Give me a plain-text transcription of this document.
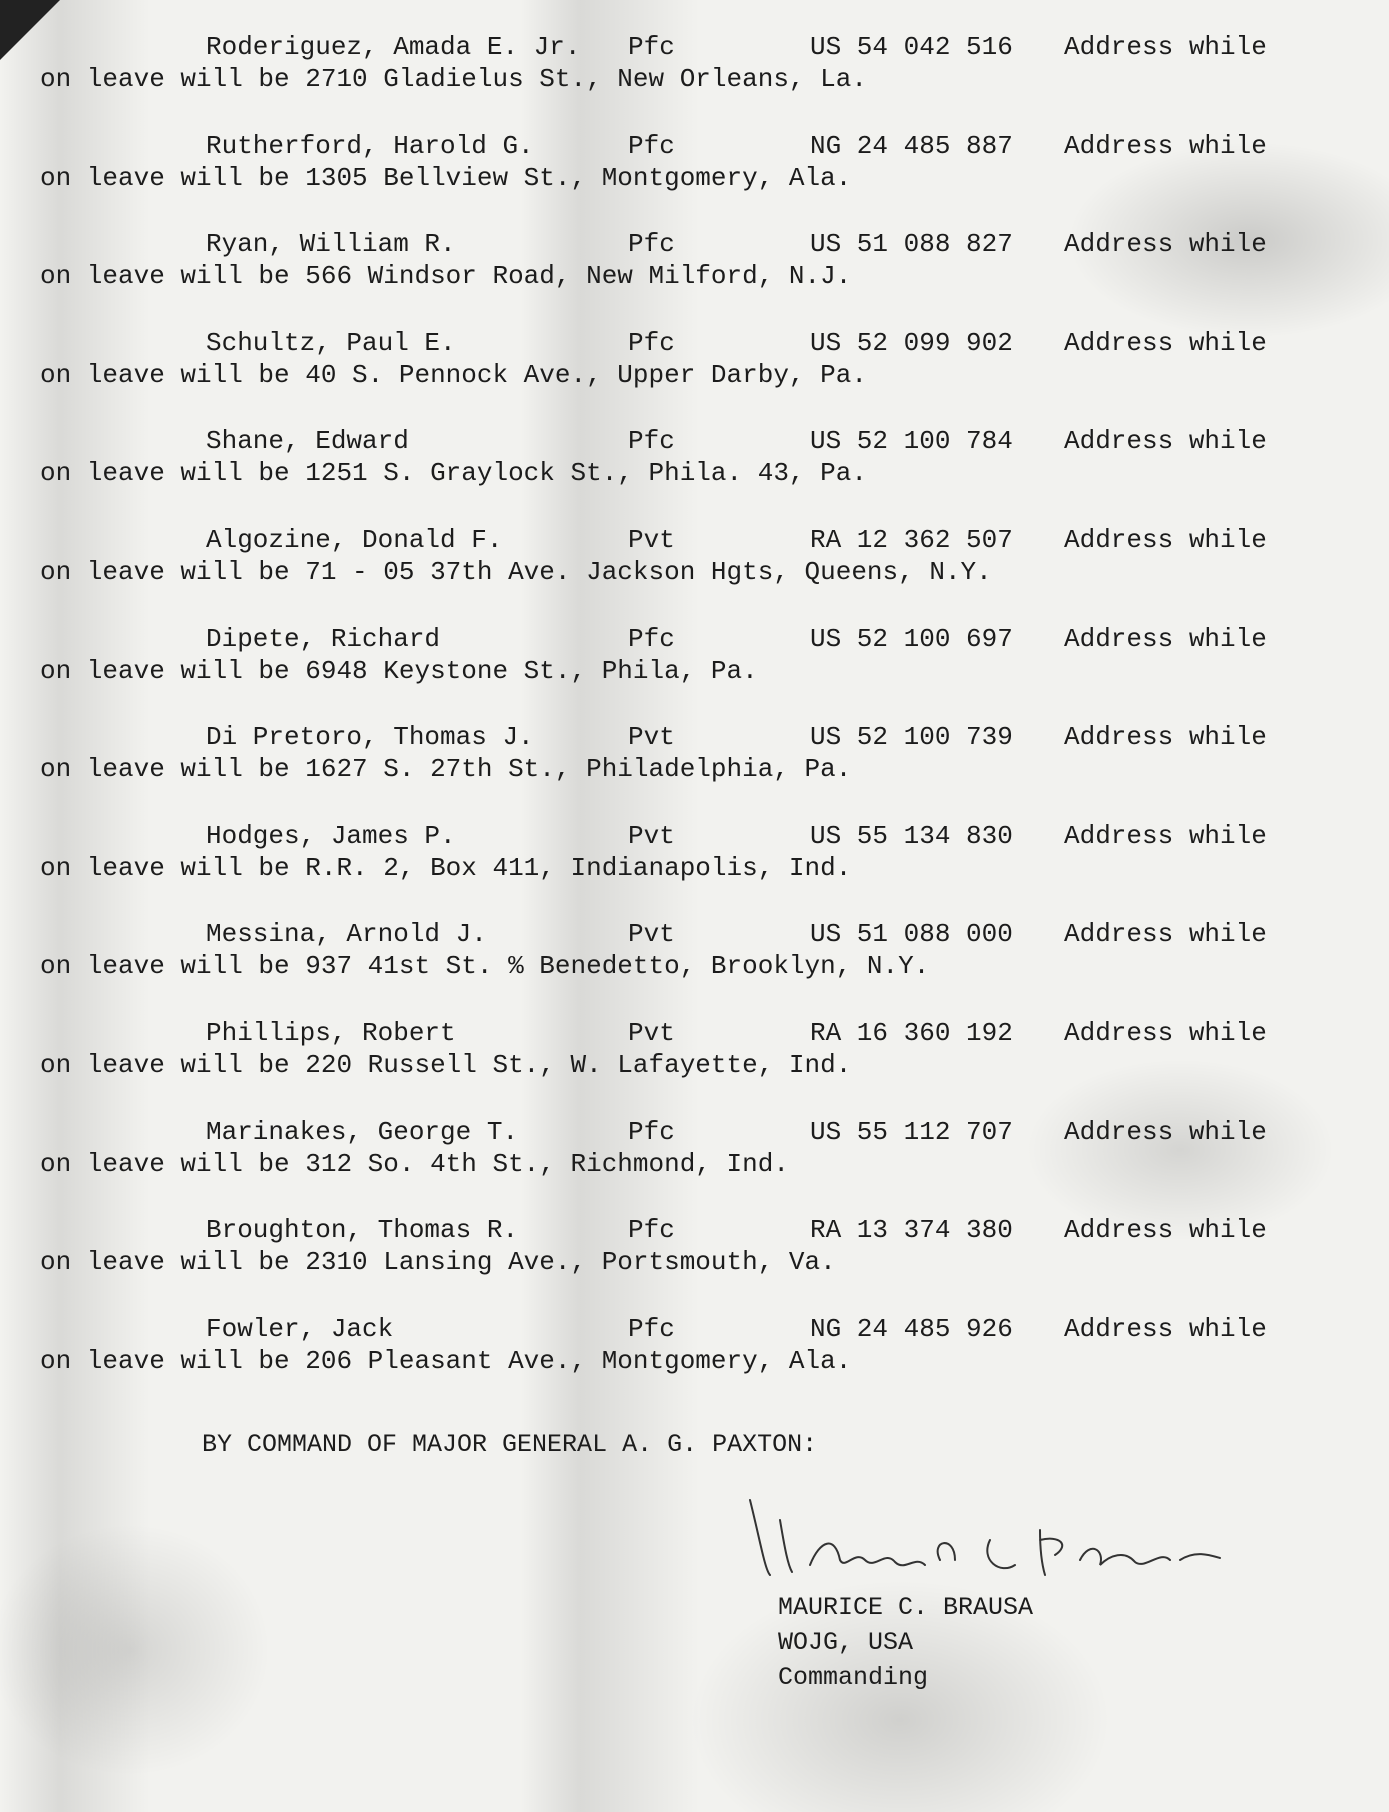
Roderiguez, Amada E. Jr. Pfc	US 54 042 516 Address while
on leave will be 2710 Gladielus St., New Orleans, La.
Rutherford, Harold G.	Pfc	NG 24 485 887 Address while
on leave will be 1305 Bellview St., Montgomery, Ala.
Ryan, William R.	Pfc	US 51 088 827 Address while
on leave will be 566 Windsor Road, New Milford, N.J.
Schultz, Paul E.	Pfc	US 52 099 902 Address while
on leave will be 40 S. Pennock Ave., Upper Darby, Pa.
Shane, Edward	Pfc	US 52 100 784 Address while
on leave will be 1251 S. Graylock St., Phila. 43, Pa.
Algozine, Donald F.	Pvt	RA 12 362 507 Address while
on leave will be 71 - 05 37th Ave. Jackson Hgts, Queens, N.Y.
Dipete, Richard	Pfc	US 52 100 697 Address while
on leave will be 6948 Keystone St., Phila, Pa.
Di Pretoro, Thomas J.	Pvt	US 52 100 739 Address while
on leave will be 1627 S. 27th St., Philadelphia, Pa.
Hodges, James P.	Pvt	US 55 134 830 Address while
on leave will be R.R. 2, Box 411, Indianapolis, Ind.
Messina, Arnold J.	Pvt	US 51 088 000 Address while
on leave will be 937 41st St. % Benedetto, Brooklyn, N.Y.
Phillips, Robert	Pvt	RA 16 360 192 Address while
on leave will be 220 Russell St., W. Lafayette, Ind.
Marinakes, George T.	Pfc	US 55 112 707 Address while
on leave will be 312 So. 4th St., Richmond, Ind.
Broughton, Thomas R.	Pfc	RA 13 374 380 Address while
on leave will be 2310 Lansing Ave., Portsmouth, Va.
Fowler, Jack	Pfc	NG 24 485 926 Address while
on leave will be 206 Pleasant Ave., Montgomery, Ala.
BY COMMAND OF MAJOR GENERAL A. G. PAXTON:
MAURICE C. BRAUSA
WOJG, USA
Commanding
